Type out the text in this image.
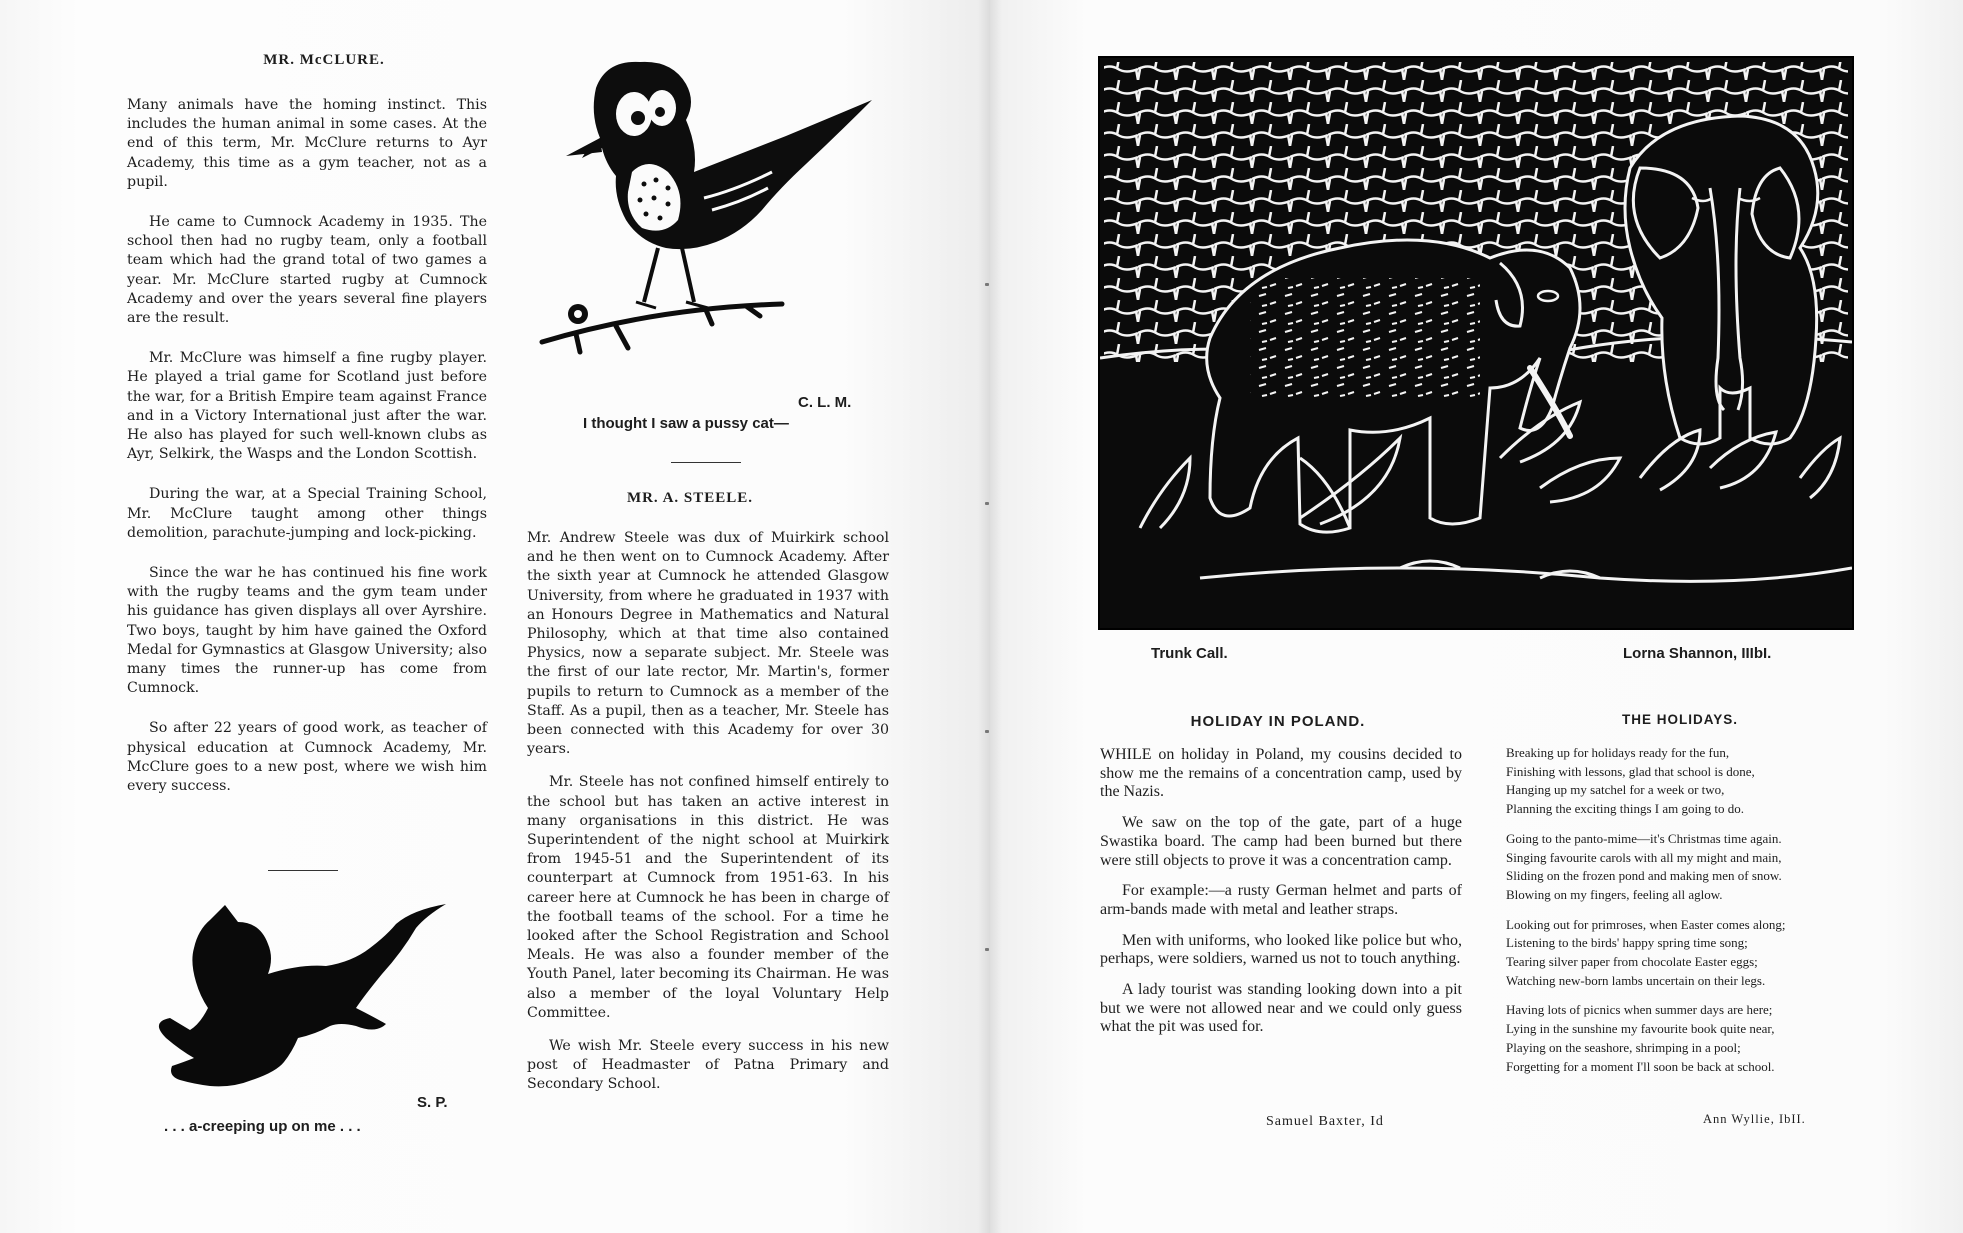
MR. McCLURE.

Many animals have the homing instinct. This includes the human animal in some cases. At the end of this term, Mr. McClure returns to Ayr Academy, this time as a gym teacher, not as a pupil.

He came to Cumnock Academy in 1935. The school then had no rugby team, only a football team which had the grand total of two games a year. Mr. McClure started rugby at Cumnock Academy and over the years several fine players are the result.

Mr. McClure was himself a fine rugby player. He played a trial game for Scotland just before the war, for a British Empire team against France and in a Victory International just after the war. He also has played for such well-known clubs as Ayr, Selkirk, the Wasps and the London Scottish.

During the war, at a Special Training School, Mr. McClure taught among other things demolition, parachute-jumping and lock-picking.

Since the war he has continued his fine work with the rugby teams and the gym team under his guidance has given displays all over Ayrshire. Two boys, taught by him have gained the Oxford Medal for Gymnastics at Glasgow University; also many times the runner-up has come from Cumnock.

So after 22 years of good work, as teacher of physical education at Cumnock Academy, Mr. McClure goes to a new post, where we wish him every success.

S. P.
. . . a-creeping up on me . . .
C. L. M.
I thought I saw a pussy cat—
MR. A. STEELE.

Mr. Andrew Steele was dux of Muirkirk school and he then went on to Cumnock Academy. After the sixth year at Cumnock he attended Glasgow University, from where he graduated in 1937 with an Honours Degree in Mathematics and Natural Philosophy, which at that time also contained Physics, now a separate subject. Mr. Steele was the first of our late rector, Mr. Martin's, former pupils to return to Cumnock as a member of the Staff. As a pupil, then as a teacher, Mr. Steele has been connected with this Academy for over 30 years.

Mr. Steele has not confined himself entirely to the school but has taken an active interest in many organisations in this district. He was Superintendent of the night school at Muirkirk from 1945-51 and the Superintendent of its counterpart at Cumnock from 1951-63. In his career here at Cumnock he has been in charge of the football teams of the school. For a time he looked after the School Registration and School Meals. He was also a founder member of the Youth Panel, later becoming its Chairman. He was also a member of the loyal Voluntary Help Committee.

We wish Mr. Steele every success in his new post of Headmaster of Patna Primary and Secondary School.

Trunk Call.	Lorna Shannon, IIIbI.
HOLIDAY IN POLAND.

WHILE on holiday in Poland, my cousins decided to show me the remains of a concentration camp, used by the Nazis.

We saw on the top of the gate, part of a huge Swastika board. The camp had been burned but there were still objects to prove it was a concentration camp.

For example:—a rusty German helmet and parts of arm-bands made with metal and leather straps.

Men with uniforms, who looked like police but who, perhaps, were soldiers, warned us not to touch anything.

A lady tourist was standing looking down into a pit but we were not allowed near and we could only guess what the pit was used for.

Samuel Baxter, Id
THE HOLIDAYS.
Breaking up for holidays ready for the fun,
Finishing with lessons, glad that school is done,
Hanging up my satchel for a week or two,
Planning the exciting things I am going to do.
Going to the panto-mime—it's Christmas time again.
Singing favourite carols with all my might and main,
Sliding on the frozen pond and making men of snow.
Blowing on my fingers, feeling all aglow.
Looking out for primroses, when Easter comes along;
Listening to the birds' happy spring time song;
Tearing silver paper from chocolate Easter eggs;
Watching new-born lambs uncertain on their legs.
Having lots of picnics when summer days are here;
Lying in the sunshine my favourite book quite near,
Playing on the seashore, shrimping in a pool;
Forgetting for a moment I'll soon be back at school.
Ann Wyllie, IbII.
